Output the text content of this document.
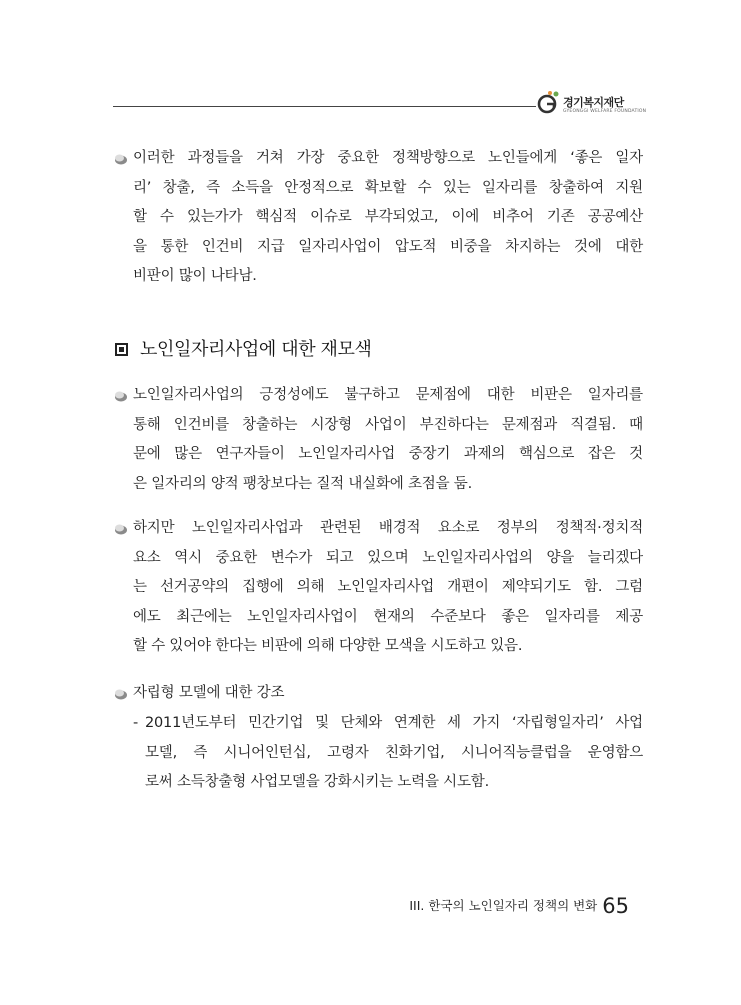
경기복지재단
GYEONGGI WELFARE FOUNDATION
이러한 과정들을 거쳐 가장 중요한 정책방향으로 노인들에게 ‘좋은 일자
리’ 창출, 즉 소득을 안정적으로 확보할 수 있는 일자리를 창출하여 지원
할 수 있는가가 핵심적 이슈로 부각되었고, 이에 비추어 기존 공공예산
을 통한 인건비 지급 일자리사업이 압도적 비중을 차지하는 것에 대한
비판이 많이 나타남.
노인일자리사업에 대한 재모색
노인일자리사업의 긍정성에도 불구하고 문제점에 대한 비판은 일자리를
통해 인건비를 창출하는 시장형 사업이 부진하다는 문제점과 직결됨. 때
문에 많은 연구자들이 노인일자리사업 중장기 과제의 핵심으로 잡은 것
은 일자리의 양적 팽창보다는 질적 내실화에 초점을 둠.
하지만 노인일자리사업과 관련된 배경적 요소로 정부의 정책적·정치적
요소 역시 중요한 변수가 되고 있으며 노인일자리사업의 양을 늘리겠다
는 선거공약의 집행에 의해 노인일자리사업 개편이 제약되기도 함. 그럼
에도 최근에는 노인일자리사업이 현재의 수준보다 좋은 일자리를 제공
할 수 있어야 한다는 비판에 의해 다양한 모색을 시도하고 있음.
자립형 모델에 대한 강조
- 2011년도부터 민간기업 및 단체와 연계한 세 가지 ‘자립형일자리’ 사업
모델, 즉 시니어인턴십, 고령자 친화기업, 시니어직능클럽을 운영함으
로써 소득창출형 사업모델을 강화시키는 노력을 시도함.
III. 한국의 노인일자리 정책의 변화 65
